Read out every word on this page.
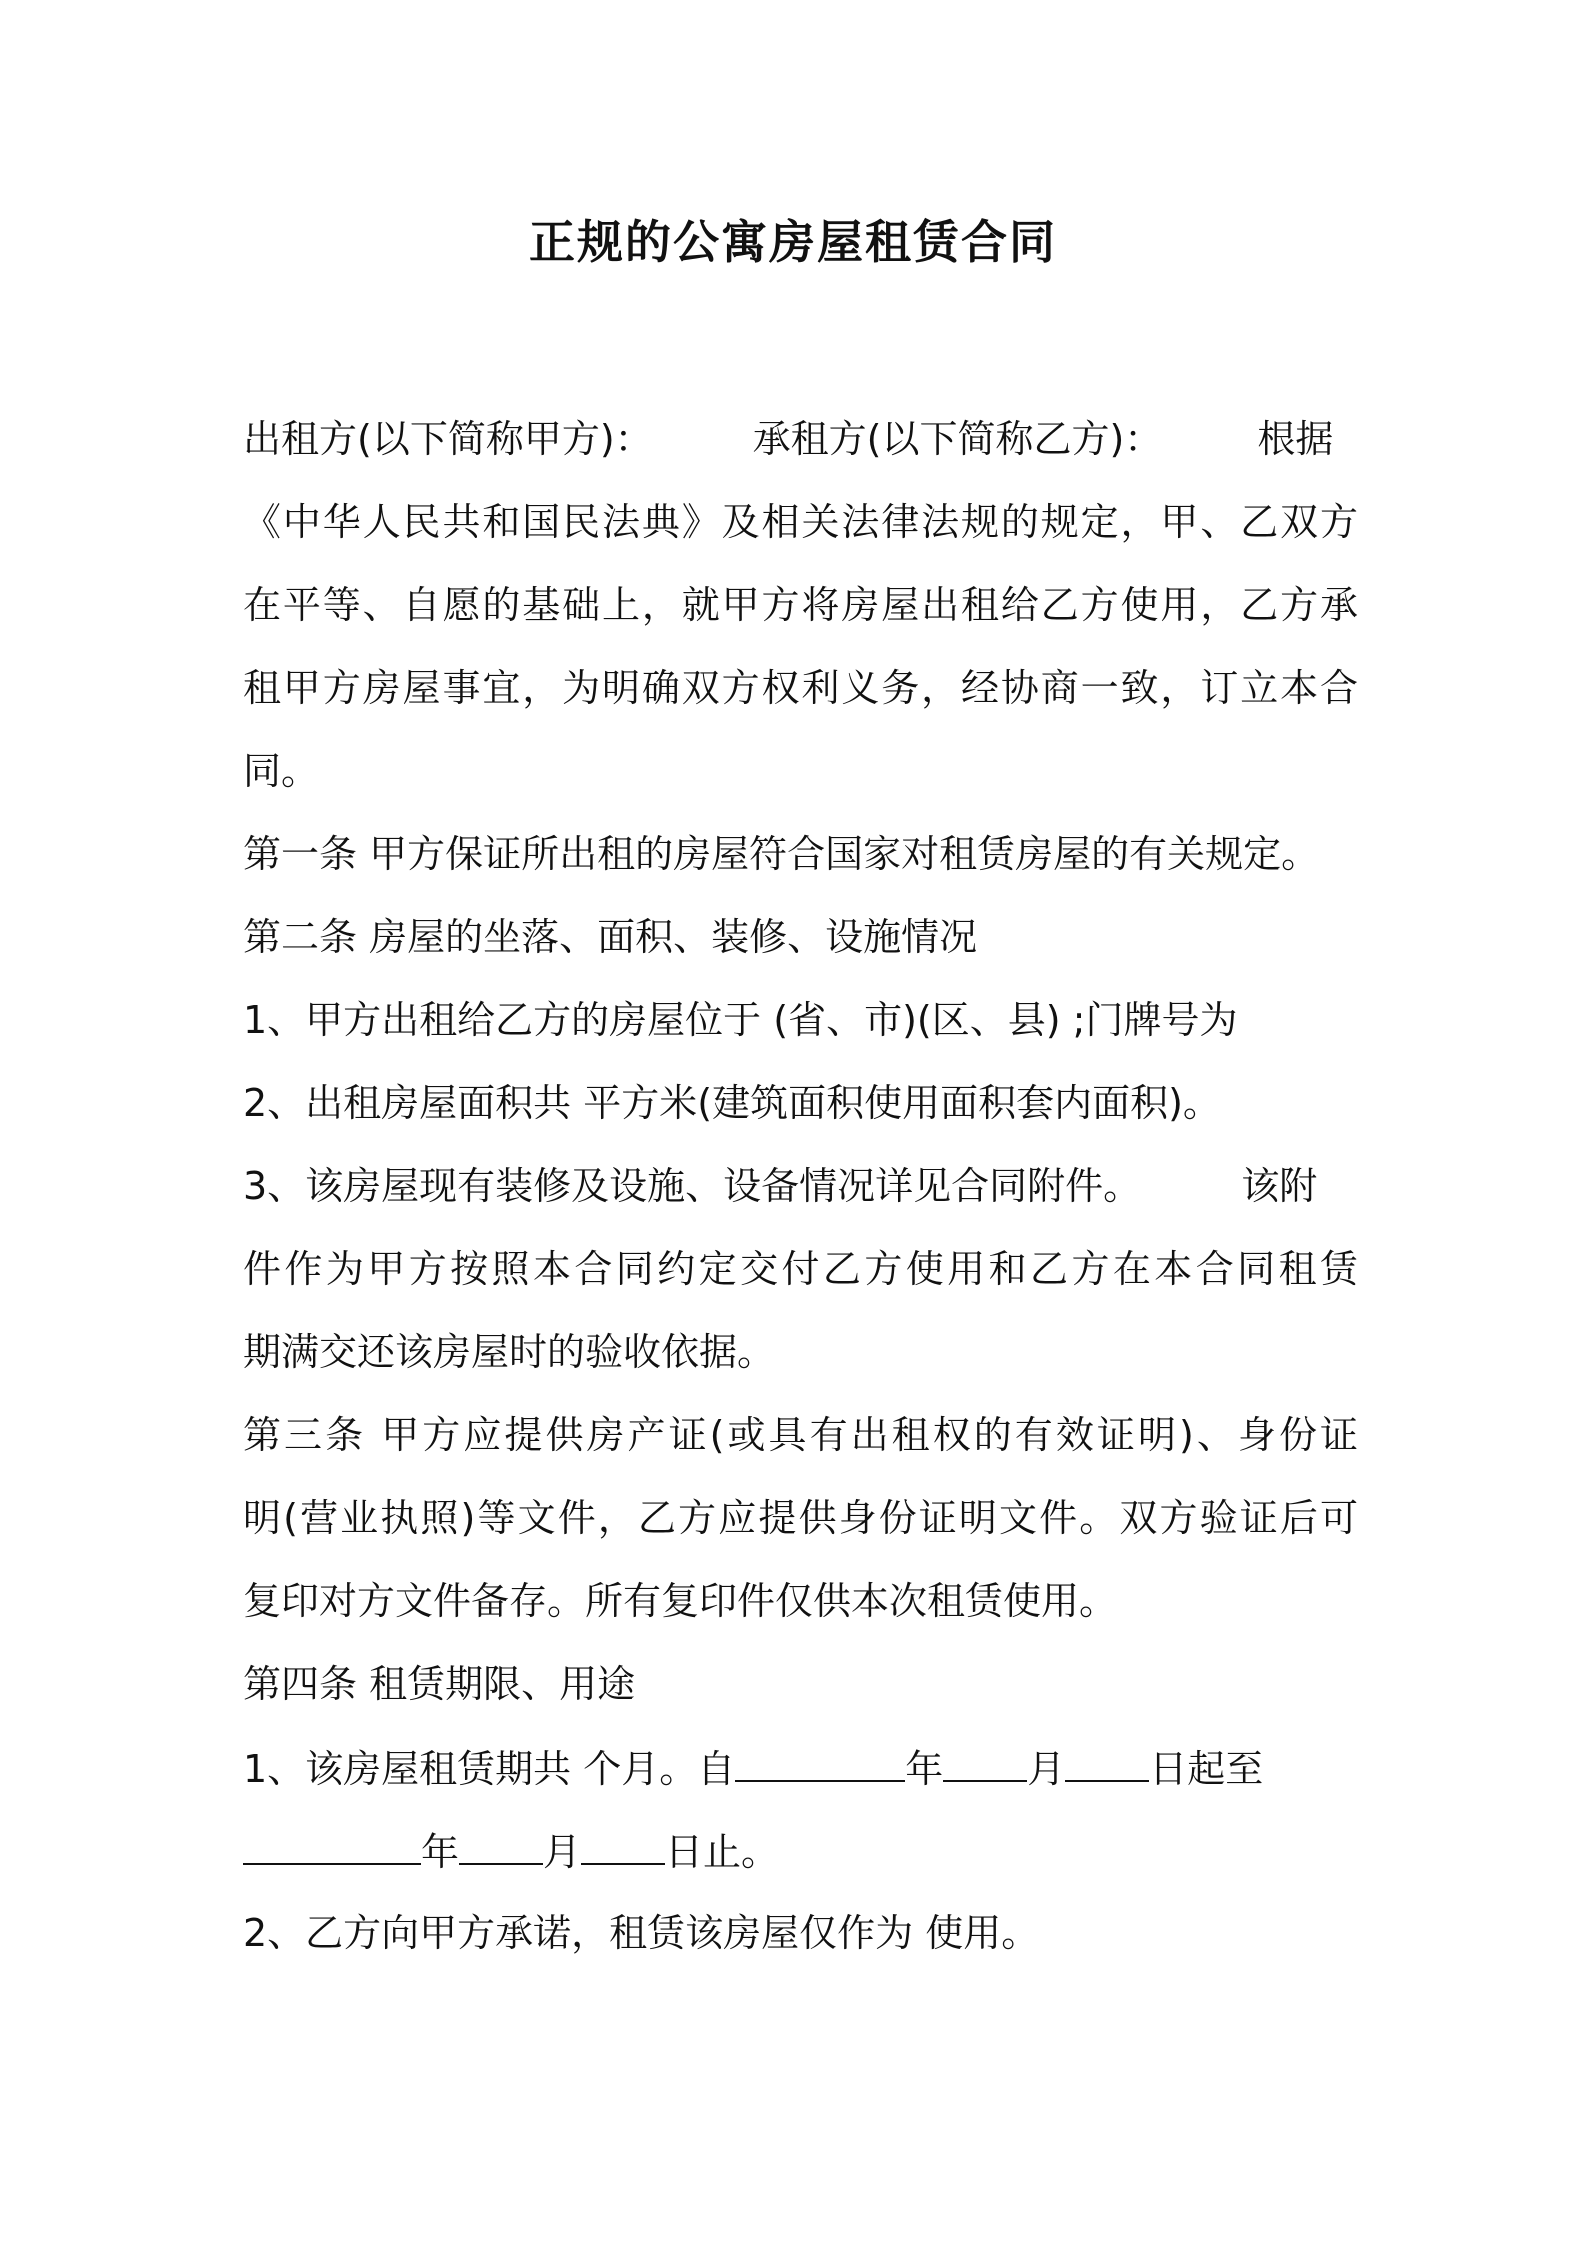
正规的公寓房屋租赁合同
出租方(以下简称甲方)：	承租方(以下简称乙方)：	根据
《中华人民共和国民法典》及相关法律法规的规定，甲、乙双方
在平等、自愿的基础上，就甲方将房屋出租给乙方使用，乙方承
租甲方房屋事宜，为明确双方权利义务，经协商一致，订立本合
同。
第一条 甲方保证所出租的房屋符合国家对租赁房屋的有关规定。
第二条 房屋的坐落、面积、装修、设施情况
1、甲方出租给乙方的房屋位于 (省、市)(区、县) ;门牌号为
2、出租房屋面积共 平方米(建筑面积使用面积套内面积)。
3、该房屋现有装修及设施、设备情况详见合同附件。	该附
件作为甲方按照本合同约定交付乙方使用和乙方在本合同租赁
期满交还该房屋时的验收依据。
第三条 甲方应提供房产证(或具有出租权的有效证明)、身份证
明(营业执照)等文件，乙方应提供身份证明文件。双方验证后可
复印对方文件备存。所有复印件仅供本次租赁使用。
第四条 租赁期限、用途
1、该房屋租赁期共 个月。自	年 月 日起至
年 月 日止。
2、乙方向甲方承诺，租赁该房屋仅作为 使用。
